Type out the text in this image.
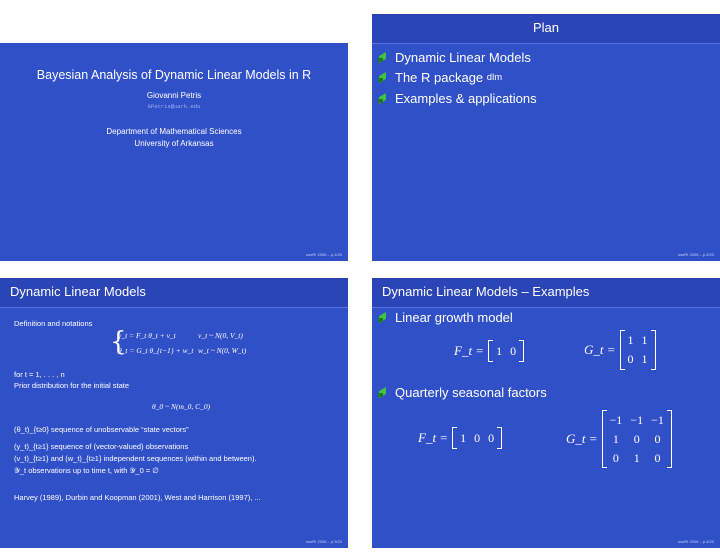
Bayesian Analysis of Dynamic Linear Models in R
Giovanni Petris
GPetris@uark.edu
Department of Mathematical Sciences
University of Arkansas
useR! 2006 – p.1/20
Plan
Dynamic Linear Models
The R package
dlm
Examples & applications
useR! 2006 – p.2/20
Dynamic Linear Models
Definition and notations
{
y_t = F_t θ_t + v_t	v_t ~ N(0, V_t)
θ_t = G_t θ_{t−1} + w_t w_t ~ N(0, W_t)
for t = 1, . . . , n
Prior distribution for the initial state
θ_0 ~ N(m_0, C_0)
(θ_t)_{t≥0} sequence of unobservable “state vectors”
(y_t)_{t≥1} sequence of (vector-valued) observations
(v_t)_{t≥1} and (w_t)_{t≥1} independent sequences (within and between).
𝒴_t observations up to time t, with 𝒴_0 = ∅
Harvey (1989), Durbin and Koopman (2001), West and Harrison (1997), ...
useR! 2006 – p.3/20
Dynamic Linear Models – Examples
Linear growth model
F_t = 1 0	G_t =
1 1
0 1
Quarterly seasonal factors
F_t = 1 0 0	G_t =
−1 −1 −1
1 0 0
0 1 0
useR! 2006 – p.4/20
